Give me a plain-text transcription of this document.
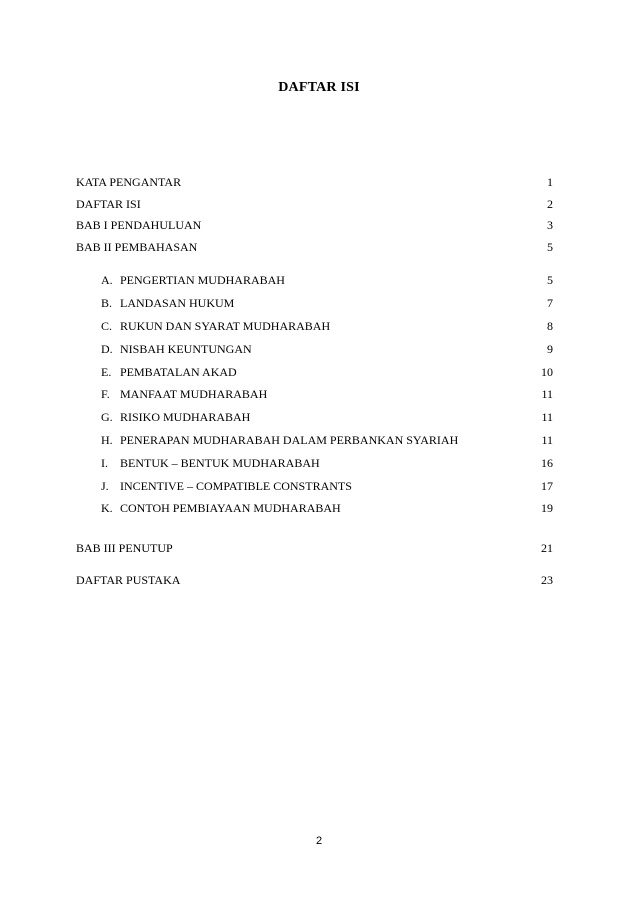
DAFTAR ISI
KATA PENGANTAR	1
DAFTAR ISI	2
BAB I PENDAHULUAN	3
BAB II PEMBAHASAN	5
A. PENGERTIAN MUDHARABAH	5
B. LANDASAN HUKUM	7
C. RUKUN DAN SYARAT MUDHARABAH	8
D. NISBAH KEUNTUNGAN	9
E. PEMBATALAN AKAD	10
F. MANFAAT MUDHARABAH	11
G. RISIKO MUDHARABAH	11
H. PENERAPAN MUDHARABAH DALAM PERBANKAN SYARIAH	11
I. BENTUK – BENTUK MUDHARABAH	16
J. INCENTIVE – COMPATIBLE CONSTRANTS	17
K. CONTOH PEMBIAYAAN MUDHARABAH	19
BAB III PENUTUP	21
DAFTAR PUSTAKA	23
2
